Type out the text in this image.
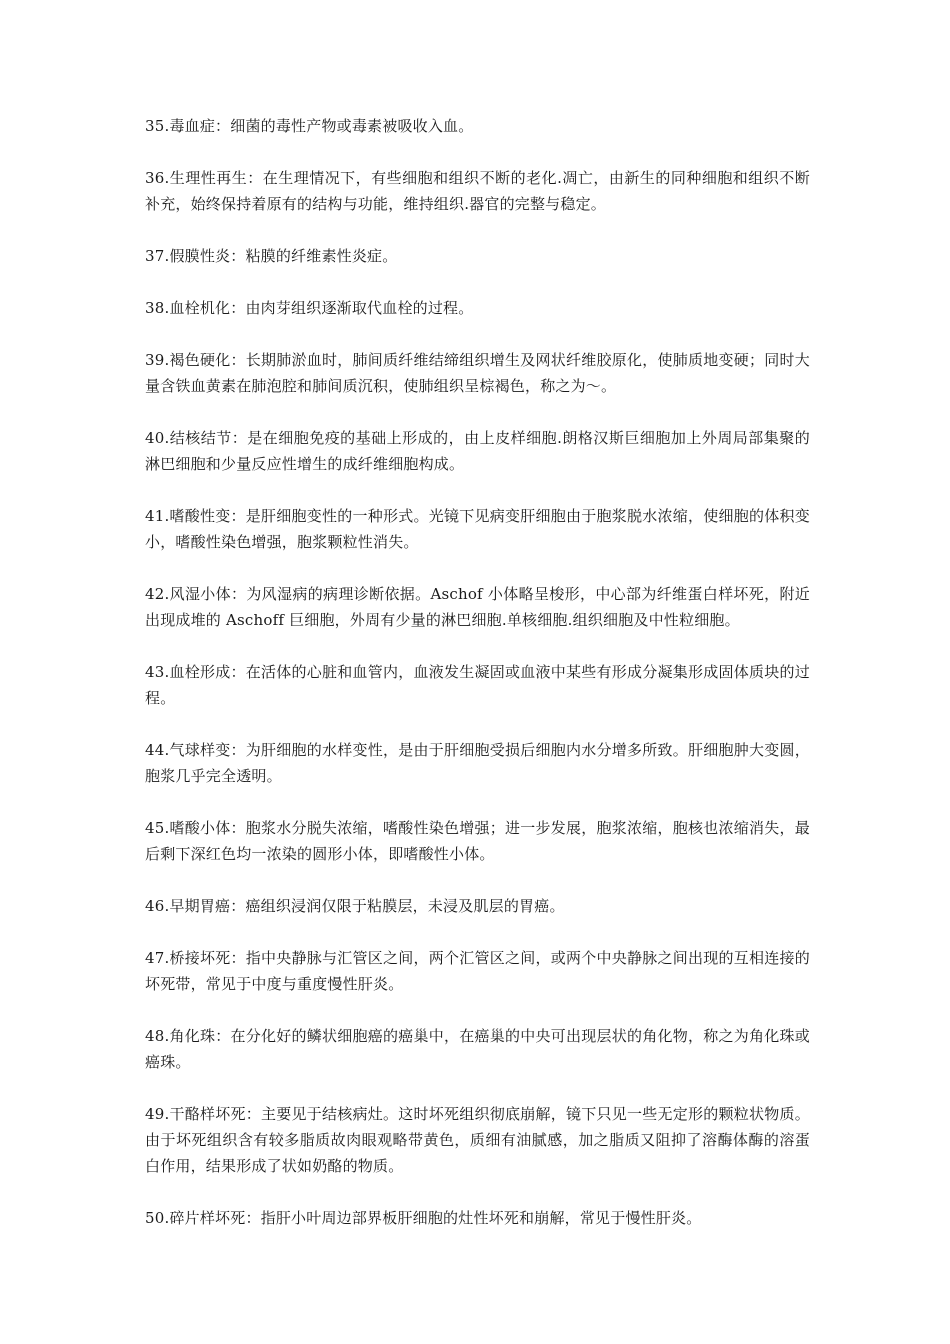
35.毒血症：细菌的毒性产物或毒素被吸收入血。

36.生理性再生：在生理情况下，有些细胞和组织不断的老化.凋亡，由新生的同种细胞和组织不断补充，始终保持着原有的结构与功能，维持组织.器官的完整与稳定。

37.假膜性炎：粘膜的纤维素性炎症。

38.血栓机化：由肉芽组织逐渐取代血栓的过程。

39.褐色硬化：长期肺淤血时，肺间质纤维结缔组织增生及网状纤维胶原化，使肺质地变硬；同时大量含铁血黄素在肺泡腔和肺间质沉积，使肺组织呈棕褐色，称之为～。

40.结核结节：是在细胞免疫的基础上形成的，由上皮样细胞.朗格汉斯巨细胞加上外周局部集聚的淋巴细胞和少量反应性增生的成纤维细胞构成。

41.嗜酸性变：是肝细胞变性的一种形式。光镜下见病变肝细胞由于胞浆脱水浓缩，使细胞的体积变小，嗜酸性染色增强，胞浆颗粒性消失。

42.风湿小体：为风湿病的病理诊断依据。Aschof 小体略呈梭形，中心部为纤维蛋白样坏死，附近出现成堆的 Aschoff 巨细胞，外周有少量的淋巴细胞.单核细胞.组织细胞及中性粒细胞。

43.血栓形成：在活体的心脏和血管内，血液发生凝固或血液中某些有形成分凝集形成固体质块的过程。

44.气球样变：为肝细胞的水样变性，是由于肝细胞受损后细胞内水分增多所致。肝细胞肿大变圆，胞浆几乎完全透明。

45.嗜酸小体：胞浆水分脱失浓缩，嗜酸性染色增强；进一步发展，胞浆浓缩，胞核也浓缩消失，最后剩下深红色均一浓染的圆形小体，即嗜酸性小体。

46.早期胃癌：癌组织浸润仅限于粘膜层，未浸及肌层的胃癌。

47.桥接坏死：指中央静脉与汇管区之间，两个汇管区之间，或两个中央静脉之间出现的互相连接的坏死带，常见于中度与重度慢性肝炎。

48.角化珠：在分化好的鳞状细胞癌的癌巢中，在癌巢的中央可出现层状的角化物，称之为角化珠或癌珠。

49.干酪样坏死：主要见于结核病灶。这时坏死组织彻底崩解，镜下只见一些无定形的颗粒状物质。由于坏死组织含有较多脂质故肉眼观略带黄色，质细有油腻感，加之脂质又阻抑了溶酶体酶的溶蛋白作用，结果形成了状如奶酪的物质。

50.碎片样坏死：指肝小叶周边部界板肝细胞的灶性坏死和崩解，常见于慢性肝炎。
